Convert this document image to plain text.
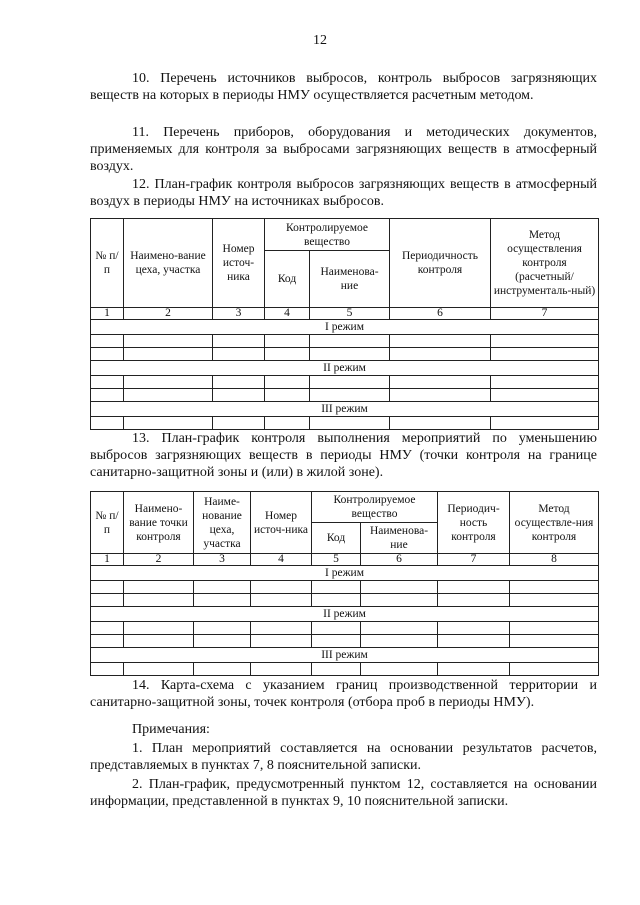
12

10. Перечень источников выбросов, контроль выбросов загрязняющих веществ на которых в периоды НМУ осуществляется расчетным методом.

11. Перечень приборов, оборудования и методических документов, применяемых для контроля за выбросами загрязняющих веществ в атмосферный воздух.

12. План-график контроля выбросов загрязняющих веществ в атмосферный воздух в периоды НМУ на источниках выбросов.

№ п/п	Наимено-вание цеха, участка	Номер источ-ника	Контролируемое вещество		Периодичность контроля	Метод осуществления контроля (расчетный/ инструменталь-ный)
			Код	Наименова-ние		
1	2	3	4	5	6	7
I режим						

II режим						

III режим						

13. План-график контроля выполнения мероприятий по уменьшению выбросов загрязняющих веществ в периоды НМУ (точки контроля на границе санитарно-защитной зоны и (или) в жилой зоне).

№ п/п	Наимено-вание точки контроля	Наиме-нование цеха, участка	Номер источ-ника	Контролируемое вещество		Периодич-ность контроля	Метод осуществле-ния контроля
				Код	Наименова-ние		
1	2	3	4	5	6	7	8
I режим							

II режим							

III режим							

14. Карта-схема с указанием границ производственной территории и санитарно-защитной зоны, точек контроля (отбора проб в периоды НМУ).

Примечания:

1. План мероприятий составляется на основании результатов расчетов, представляемых в пунктах 7, 8 пояснительной записки.

2. План-график, предусмотренный пунктом 12, составляется на основании информации, представленной в пунктах 9, 10 пояснительной записки.
